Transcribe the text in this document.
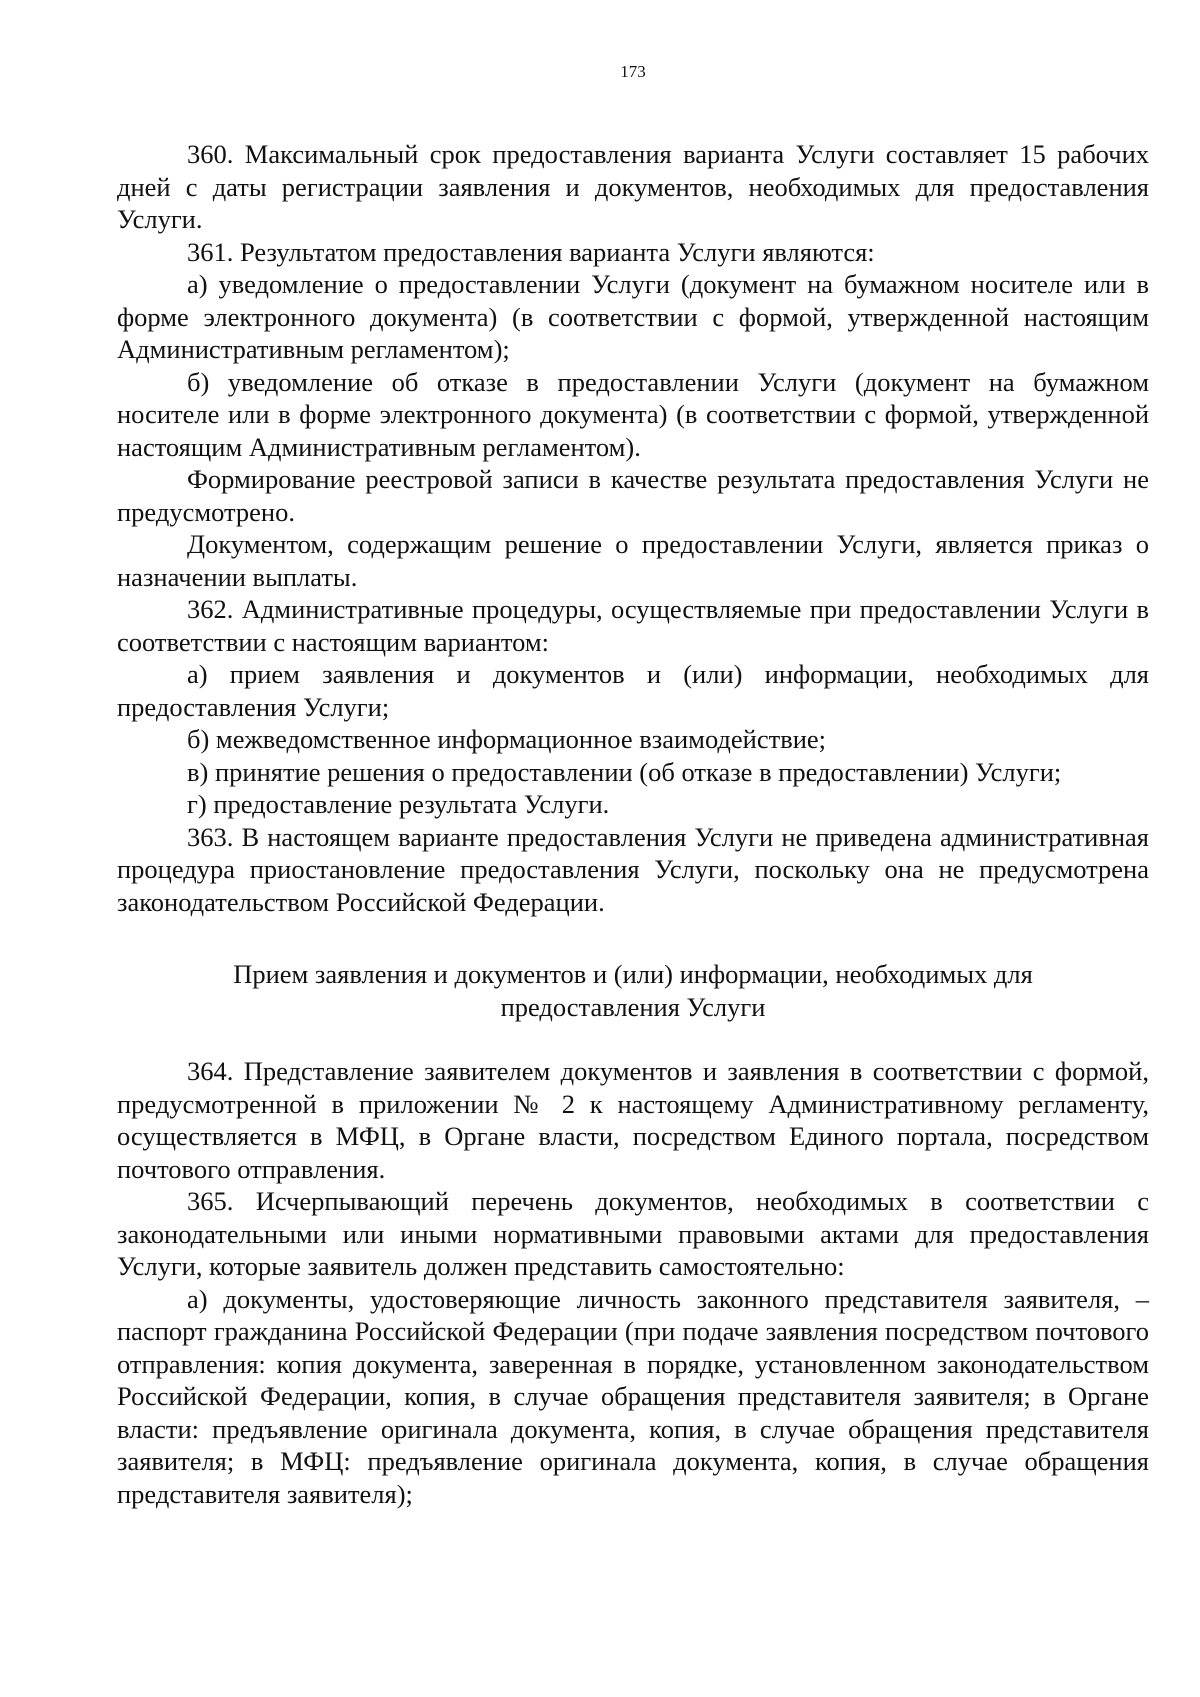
173

360. Максимальный срок предоставления варианта Услуги составляет 15 рабочих дней с даты регистрации заявления и документов, необходимых для предоставления Услуги.

361. Результатом предоставления варианта Услуги являются:

а) уведомление о предоставлении Услуги (документ на бумажном носителе или в форме электронного документа) (в соответствии с формой, утвержденной настоящим Административным регламентом);

б) уведомление об отказе в предоставлении Услуги (документ на бумажном носителе или в форме электронного документа) (в соответствии с формой, утвержденной настоящим Административным регламентом).

Формирование реестровой записи в качестве результата предоставления Услуги не предусмотрено.

Документом, содержащим решение о предоставлении Услуги, является приказ о назначении выплаты.

362. Административные процедуры, осуществляемые при предоставлении Услуги в соответствии с настоящим вариантом:

а) прием заявления и документов и (или) информации, необходимых для предоставления Услуги;

б) межведомственное информационное взаимодействие;

в) принятие решения о предоставлении (об отказе в предоставлении) Услуги;

г) предоставление результата Услуги.

363. В настоящем варианте предоставления Услуги не приведена административная процедура приостановление предоставления Услуги, поскольку она не предусмотрена законодательством Российской Федерации.

Прием заявления и документов и (или) информации, необходимых для предоставления Услуги

364. Представление заявителем документов и заявления в соответствии с формой, предусмотренной в приложении № 2 к настоящему Административному регламенту, осуществляется в МФЦ, в Органе власти, посредством Единого портала, посредством почтового отправления.

365. Исчерпывающий перечень документов, необходимых в соответствии с законодательными или иными нормативными правовыми актами для предоставления Услуги, которые заявитель должен представить самостоятельно:

а) документы, удостоверяющие личность законного представителя заявителя, – паспорт гражданина Российской Федерации (при подаче заявления посредством почтового отправления: копия документа, заверенная в порядке, установленном законодательством Российской Федерации, копия, в случае обращения представителя заявителя; в Органе власти: предъявление оригинала документа, копия, в случае обращения представителя заявителя; в МФЦ: предъявление оригинала документа, копия, в случае обращения представителя заявителя);
